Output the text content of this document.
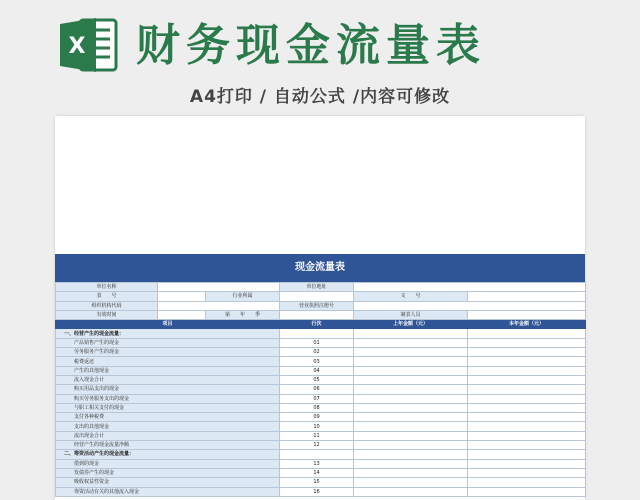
X 财务现金流量表
A4打印 / 自动公式 /内容可修改
现金流量表
单位名称			单位地址		
表　　号		行业所属		文　　号	
组织机构代码			营业执照注册号		
有效时间		第　　年　　季		制表人员	
项目			行次	上年金额（元）	本年金额（元）
一、经营产生的现金流量：					
产品销售产生的现金			01		
劳务服务产生的现金			02		
税费返还			03		
产生的其他现金			04		
流入现金合计			05		
购买用品支出的现金			06		
购买劳务服务支出的现金			07		
与职工相关支付的现金			08		
支付各种税费			09		
支出的其他现金			10		
流出现金合计			11		
经营产生的现金流量净额			12		
二、筹资活动产生的现金流量：					
借到的现金			13		
发债券产生的现金			14		
吸收权益性资金			15		
筹资活动有关的其他流入现金			16		
